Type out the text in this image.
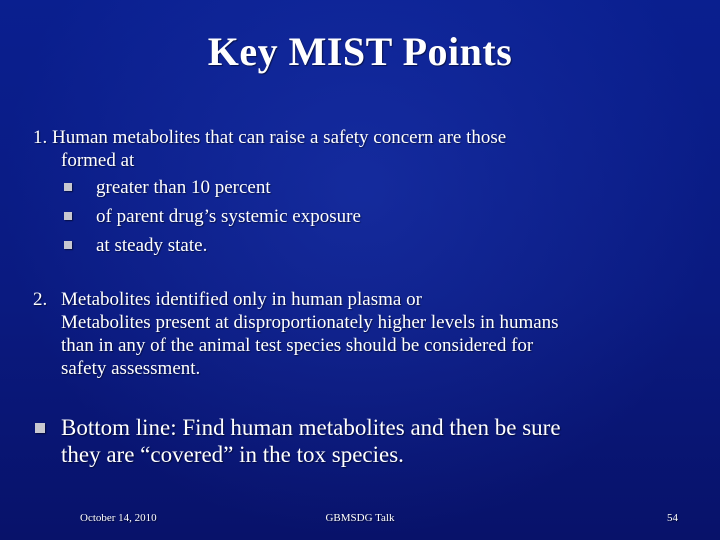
Key MIST Points
1. Human metabolites that can raise a safety concern are those
formed at
greater than 10 percent
of parent drug’s systemic exposure
at steady state.
2. Metabolites identified only in human plasma or
Metabolites present at disproportionately higher levels in humans
than in any of the animal test species should be considered for
safety assessment.
Bottom line: Find human metabolites and then be sure
they are “covered” in the tox species.
October 14, 2010	GBMSDG Talk	54
